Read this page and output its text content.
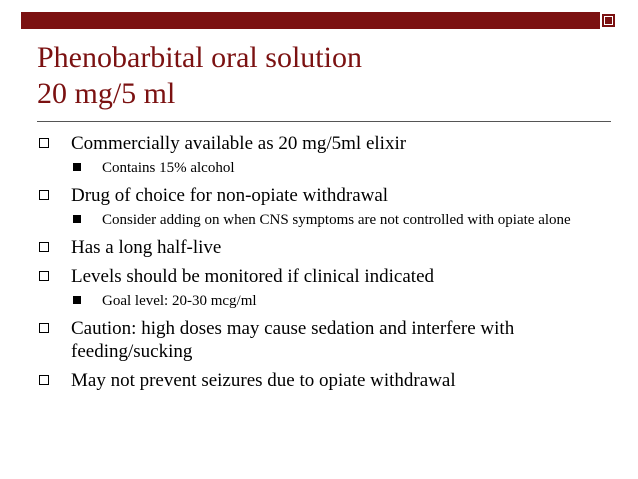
Phenobarbital oral solution
20 mg/5 ml
Commercially available as 20 mg/5ml elixir
Contains 15% alcohol
Drug of choice for non-opiate withdrawal
Consider adding on when CNS symptoms are not controlled with opiate alone
Has a long half-live
Levels should be monitored if clinical indicated
Goal level: 20-30 mcg/ml
Caution: high doses may cause sedation and interfere with feeding/sucking
May not prevent seizures due to opiate withdrawal
